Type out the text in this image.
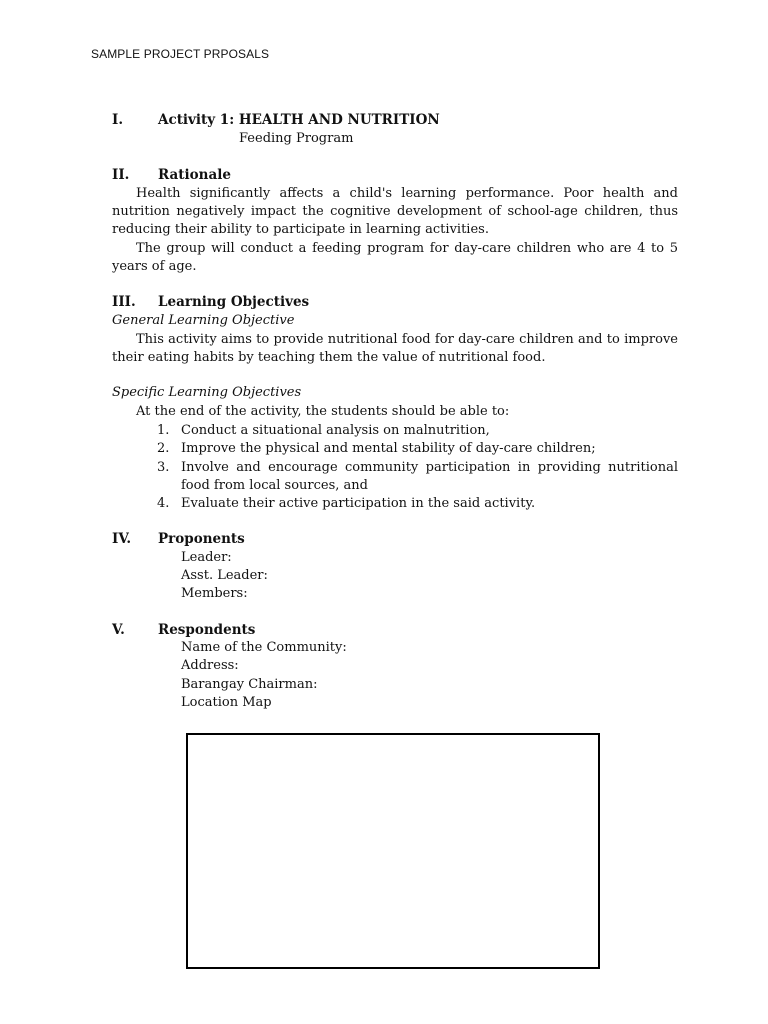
SAMPLE PROJECT PRPOSALS
I.	Activity 1: HEALTH AND NUTRITION
Feeding Program
II. Rationale
Health significantly affects a child's learning performance. Poor health and nutrition negatively impact the cognitive development of school-age children, thus reducing their ability to participate in learning activities.
The group will conduct a feeding program for day-care children who are 4 to 5 years of age.
III. Learning Objectives
General Learning Objective
This activity aims to provide nutritional food for day-care children and to improve their eating habits by teaching them the value of nutritional food.
Specific Learning Objectives
At the end of the activity, the students should be able to:
1. Conduct a situational analysis on malnutrition,
2. Improve the physical and mental stability of day-care children;
3. Involve and encourage community participation in providing nutritional food from local sources, and
4. Evaluate their active participation in the said activity.
IV. Proponents
Leader:
Asst. Leader:
Members:
V. Respondents
Name of the Community:
Address:
Barangay Chairman:
Location Map
